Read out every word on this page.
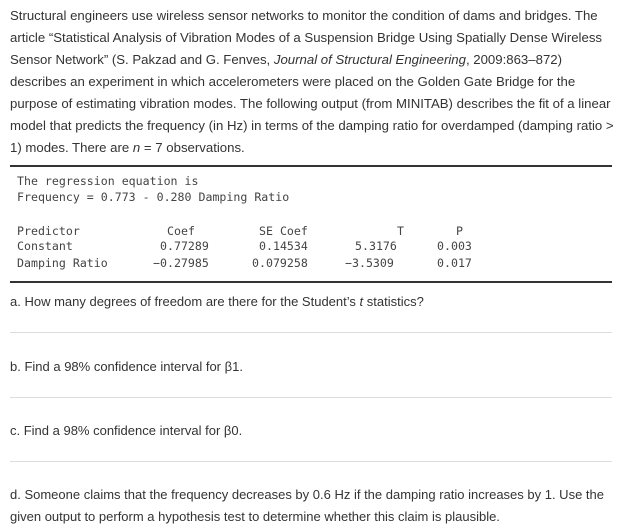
Structural engineers use wireless sensor networks to monitor the condition of dams and bridges. The article “Statistical Analysis of Vibration Modes of a Suspension Bridge Using Spatially Dense Wireless Sensor Network” (S. Pakzad and G. Fenves, Journal of Structural Engineering, 2009:863–872) describes an experiment in which accelerometers were placed on the Golden Gate Bridge for the purpose of estimating vibration modes. The following output (from MINITAB) describes the fit of a linear model that predicts the frequency (in Hz) in terms of the damping ratio for overdamped (damping ratio > 1) modes. There are n = 7 observations.

The regression equation is
Frequency = 0.773 - 0.280 Damping Ratio
Predictor	Coef	SE Coef	T	P
Constant	0.77289	0.14534	5.3176	0.003
Damping Ratio	−0.27985	0.079258	−3.5309	0.017

a. How many degrees of freedom are there for the Student’s t statistics?

b. Find a 98% confidence interval for β1.

c. Find a 98% confidence interval for β0.

d. Someone claims that the frequency decreases by 0.6 Hz if the damping ratio increases by 1. Use the given output to perform a hypothesis test to determine whether this claim is plausible.
